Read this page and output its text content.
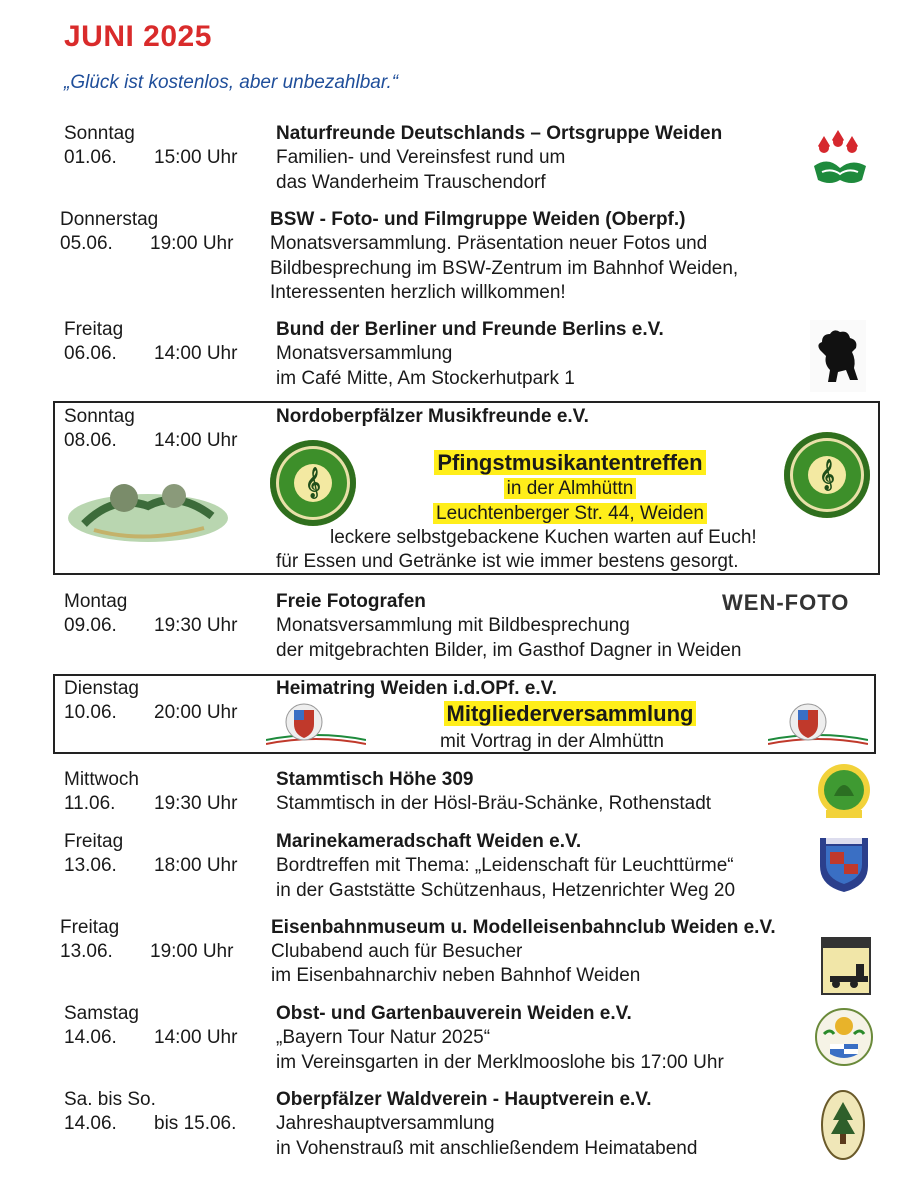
JUNI 2025
„Glück ist kostenlos, aber unbezahlbar.“
Sonntag
01.06. 15:00 Uhr
Naturfreunde Deutschlands – Ortsgruppe Weiden
Familien- und Vereinsfest rund um
das Wanderheim Trauschendorf
Donnerstag
05.06. 19:00 Uhr
BSW - Foto- und Filmgruppe Weiden (Oberpf.)
Monatsversammlung. Präsentation neuer Fotos und
Bildbesprechung im BSW-Zentrum im Bahnhof Weiden,
Interessenten herzlich willkommen!
Freitag
06.06. 14:00 Uhr
Bund der Berliner und Freunde Berlins e.V.
Monatsversammlung
im Café Mitte, Am Stockerhutpark 1
Sonntag
08.06. 14:00 Uhr
Nordoberpfälzer Musikfreunde e.V.
𝄞	𝄞
Pfingstmusikantentreffen
in der Almhüttn
Leuchtenberger Str. 44, Weiden
leckere selbstgebackene Kuchen warten auf Euch!
für Essen und Getränke ist wie immer bestens gesorgt.
Montag
09.06. 19:30 Uhr
Freie Fotografen
Monatsversammlung mit Bildbesprechung
der mitgebrachten Bilder, im Gasthof Dagner in Weiden
WEN-FOTO
Dienstag
10.06. 20:00 Uhr
Heimatring Weiden i.d.OPf. e.V.
Mitgliederversammlung
mit Vortrag in der Almhüttn
Mittwoch
11.06. 19:30 Uhr
Stammtisch Höhe 309
Stammtisch in der Hösl-Bräu-Schänke, Rothenstadt
Freitag
13.06. 18:00 Uhr
Marinekameradschaft Weiden e.V.
Bordtreffen mit Thema: „Leidenschaft für Leuchttürme“
in der Gaststätte Schützenhaus, Hetzenrichter Weg 20
Freitag
13.06. 19:00 Uhr
Eisenbahnmuseum u. Modelleisenbahnclub Weiden e.V.
Clubabend auch für Besucher
im Eisenbahnarchiv neben Bahnhof Weiden
Samstag
14.06. 14:00 Uhr
Obst- und Gartenbauverein Weiden e.V.
„Bayern Tour Natur 2025“
im Vereinsgarten in der Merklmooslohe bis 17:00 Uhr
Sa. bis So.
14.06. bis 15.06.
Oberpfälzer Waldverein - Hauptverein e.V.
Jahreshauptversammlung
in Vohenstrauß mit anschließendem Heimatabend
